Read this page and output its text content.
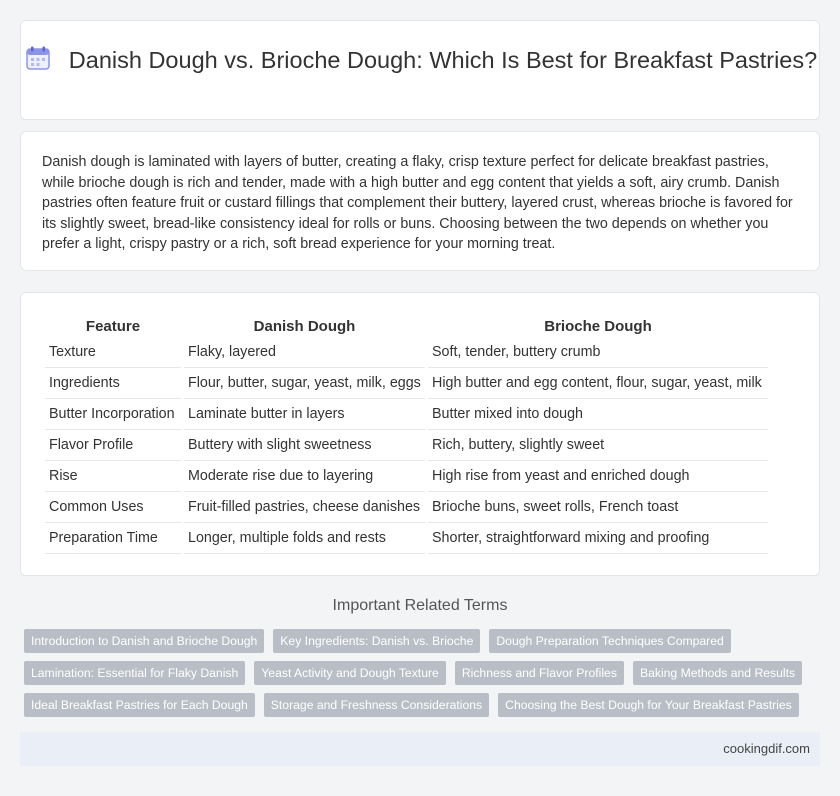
Danish Dough vs. Brioche Dough: Which Is Best for Breakfast Pastries?

Danish dough is laminated with layers of butter, creating a flaky, crisp texture perfect for delicate breakfast pastries, while brioche dough is rich and tender, made with a high butter and egg content that yields a soft, airy crumb. Danish pastries often feature fruit or custard fillings that complement their buttery, layered crust, whereas brioche is favored for its slightly sweet, bread-like consistency ideal for rolls or buns. Choosing between the two depends on whether you prefer a light, crispy pastry or a rich, soft bread experience for your morning treat.

Feature	Danish Dough	Brioche Dough
Texture	Flaky, layered	Soft, tender, buttery crumb
Ingredients	Flour, butter, sugar, yeast, milk, eggs	High butter and egg content, flour, sugar, yeast, milk
Butter Incorporation	Laminate butter in layers	Butter mixed into dough
Flavor Profile	Buttery with slight sweetness	Rich, buttery, slightly sweet
Rise	Moderate rise due to layering	High rise from yeast and enriched dough
Common Uses	Fruit-filled pastries, cheese danishes	Brioche buns, sweet rolls, French toast
Preparation Time	Longer, multiple folds and rests	Shorter, straightforward mixing and proofing
Important Related Terms
Introduction to Danish and Brioche Dough	Key Ingredients: Danish vs. Brioche	Dough Preparation Techniques Compared
Lamination: Essential for Flaky Danish	Yeast Activity and Dough Texture	Richness and Flavor Profiles	Baking Methods and Results
Ideal Breakfast Pastries for Each Dough	Storage and Freshness Considerations	Choosing the Best Dough for Your Breakfast Pastries
cookingdif.com
